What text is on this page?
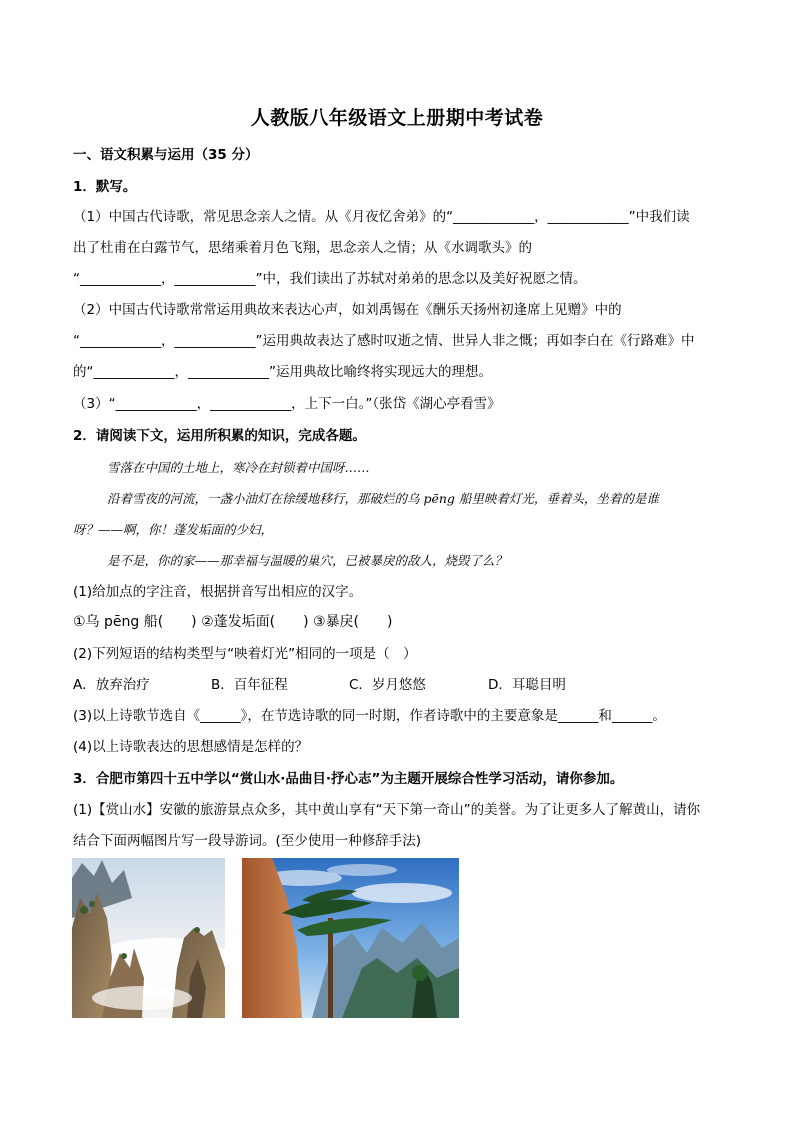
人教版八年级语文上册期中考试卷
一、语文积累与运用（35 分）
1．默写。
（1）中国古代诗歌，常见思念亲人之情。从《月夜忆舍弟》的“____________，____________”中我们读
出了杜甫在白露节气，思绪乘着月色飞翔，思念亲人之情；从《水调歌头》的
“____________，____________”中，我们读出了苏轼对弟弟的思念以及美好祝愿之情。
（2）中国古代诗歌常常运用典故来表达心声，如刘禹锡在《酬乐天扬州初逢席上见赠》中的
“____________，____________”运用典故表达了感时叹逝之情、世异人非之慨；再如李白在《行路难》中
的“____________，____________”运用典故比喻终将实现远大的理想。
（3）“____________，____________，上下一白。”（张岱《湖心亭看雪》
2．请阅读下文，运用所积累的知识，完成各题。
雪落在中国的土地上，寒冷在封锁着中国呀……
沿着雪夜的河流，一盏小油灯在徐缓地移行，那破烂的乌 pēng 船里映着灯光，垂着头，坐着的是谁
呀？——啊，你！蓬发垢面的少妇，
是不是，你的家——那幸福与温暖的巢穴，已被暴戾的敌人，烧毁了么？
(1)给加点的字注音，根据拼音写出相应的汉字。
①乌 pēng 船(　　) ②蓬发垢面(　　) ③暴戾(　　)
(2)下列短语的结构类型与“映着灯光”相同的一项是（　）
A．放弃治疗	B．百年征程	C．岁月悠悠	D．耳聪目明
(3)以上诗歌节选自《______》，在节选诗歌的同一时期，作者诗歌中的主要意象是______和______。
(4)以上诗歌表达的思想感情是怎样的？
3．合肥市第四十五中学以“赏山水·品曲目·抒心志”为主题开展综合性学习活动，请你参加。
(1)【赏山水】安徽的旅游景点众多，其中黄山享有“天下第一奇山”的美誉。为了让更多人了解黄山，请你
结合下面两幅图片写一段导游词。(至少使用一种修辞手法)
